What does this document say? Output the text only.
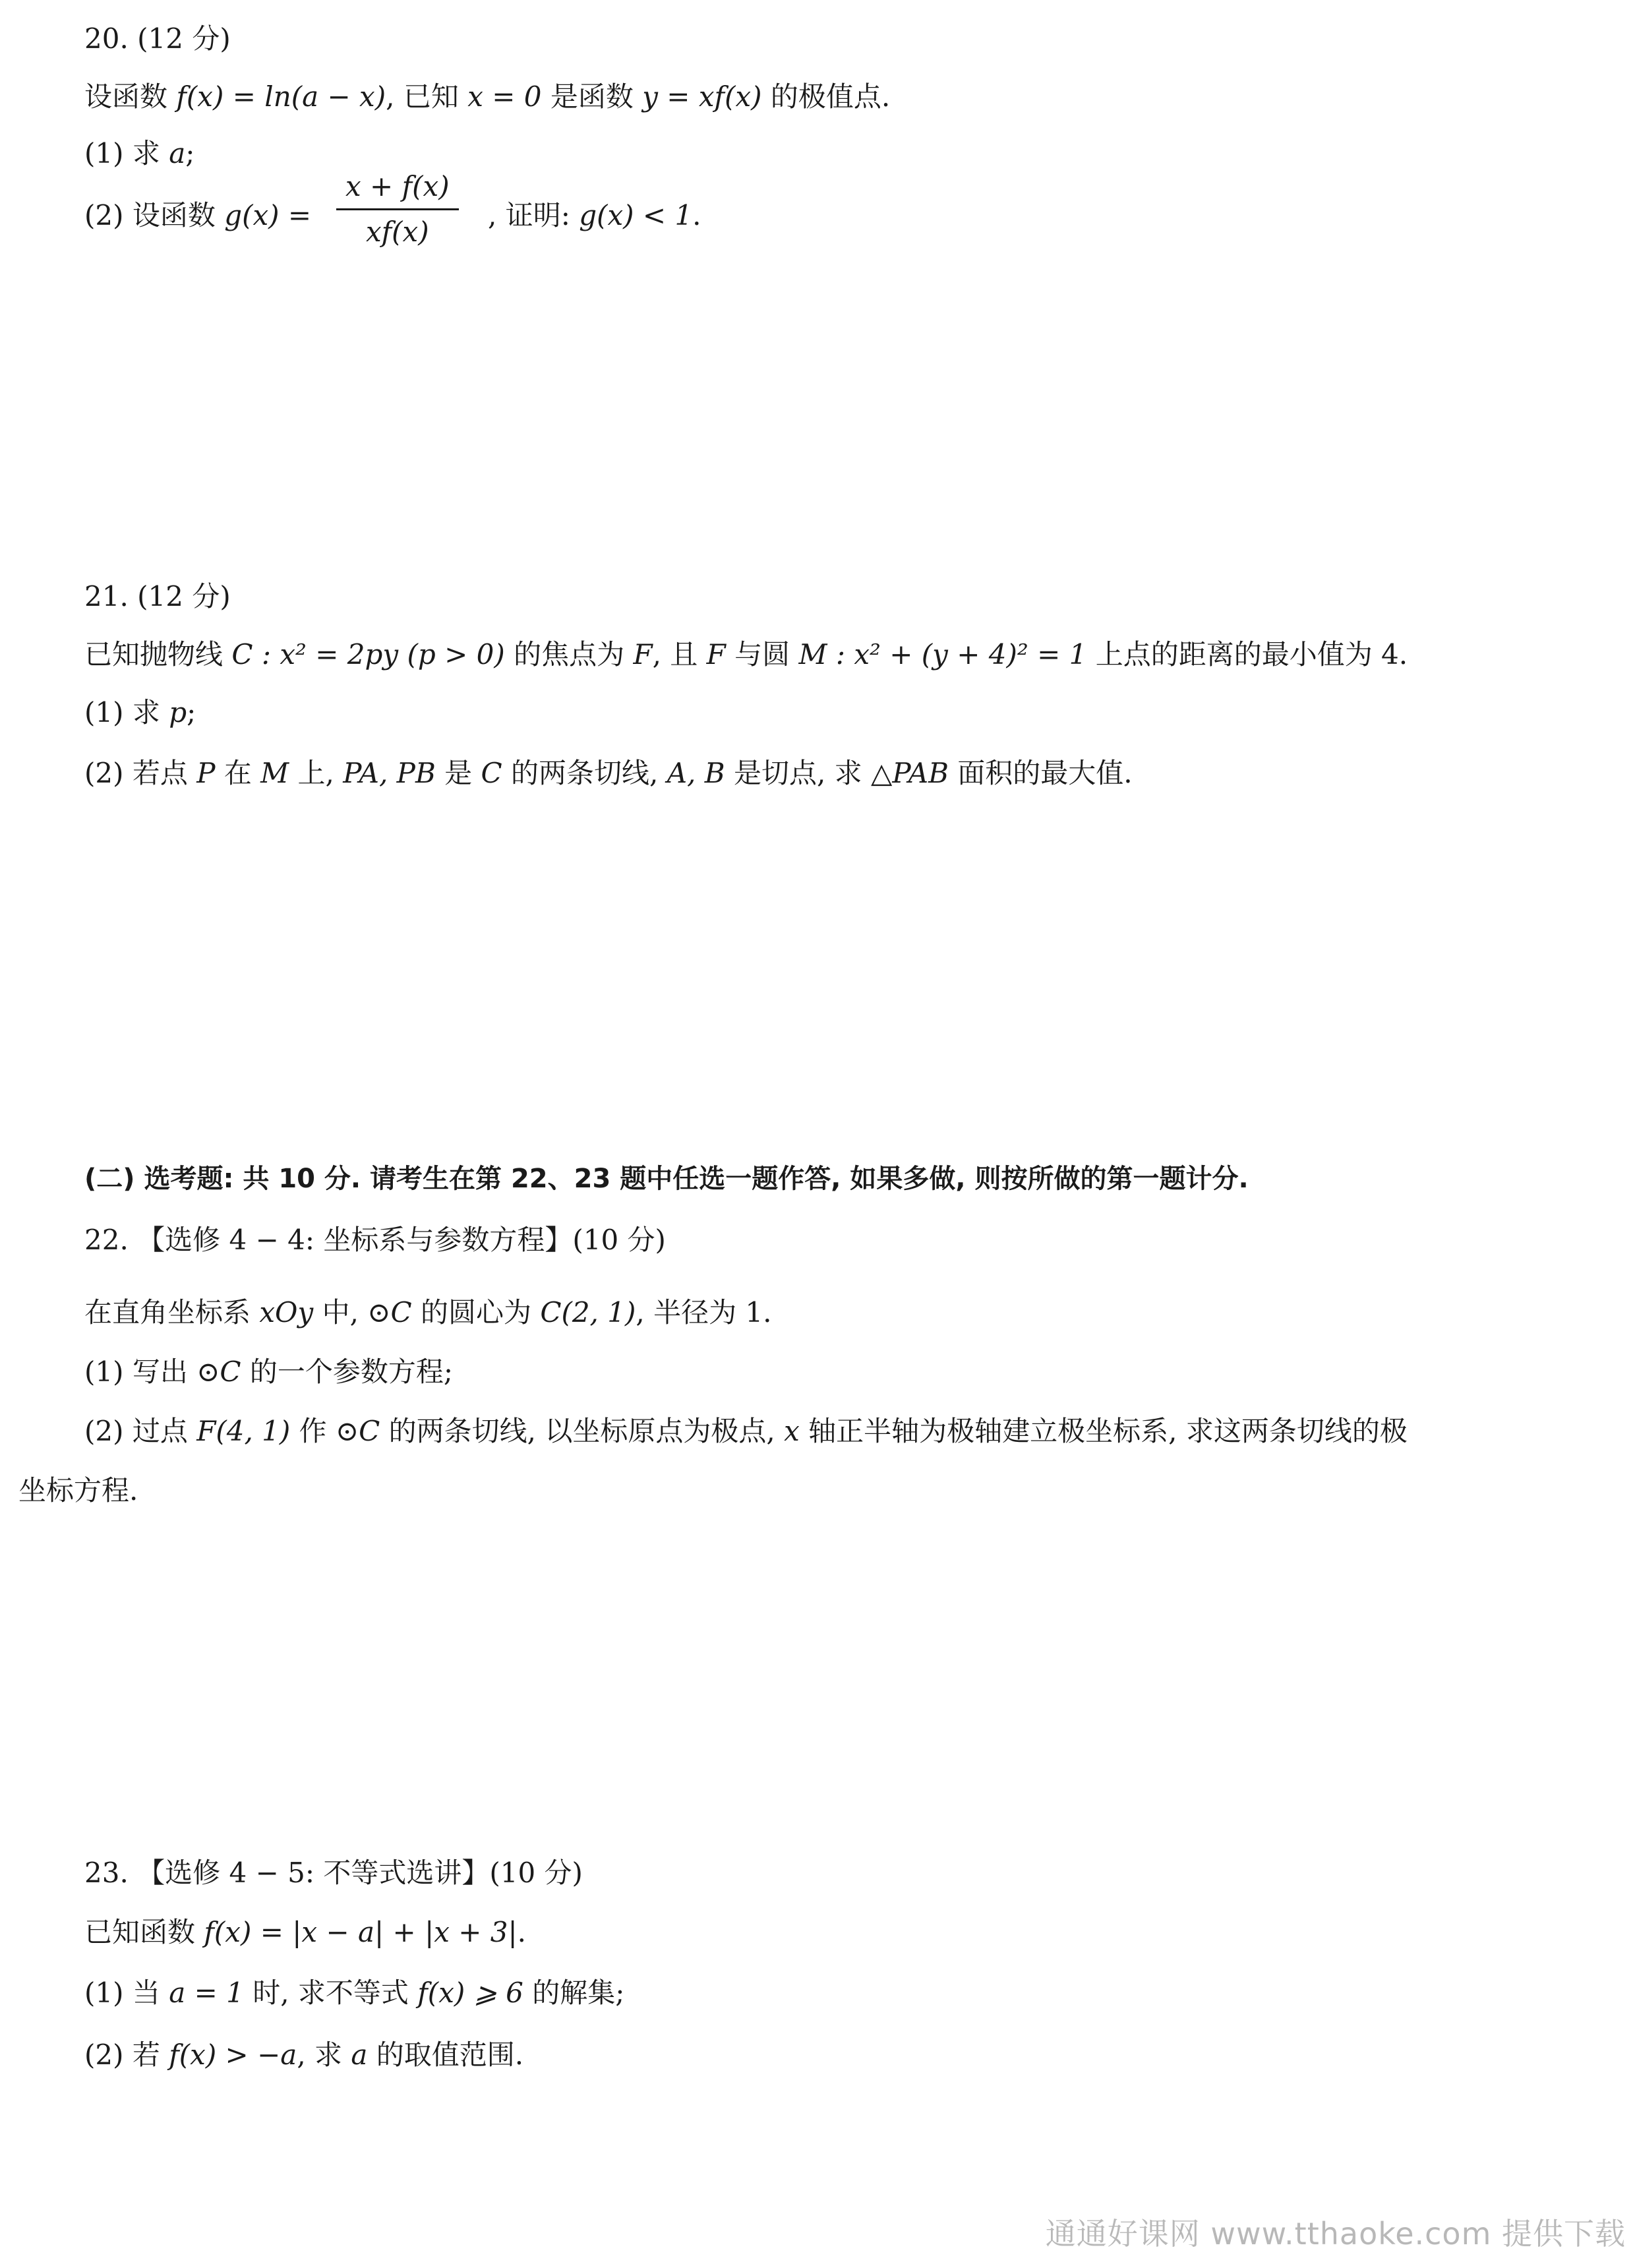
20. (12 分)
设函数 f(x) = ln(a − x), 已知 x = 0 是函数 y = xf(x) 的极值点.
(1) 求 a;
(2) 设函数 $g(x) = \frac{x + f(x)}{xf(x)}$ , 证明: g(x) < 1.
21. (12 分)
已知抛物线 C : x² = 2py (p > 0) 的焦点为 F, 且 F 与圆 M : x² + (y + 4)² = 1 上点的距离的最小值为 4.
(1) 求 p;
(2) 若点 P 在 M 上, PA, PB 是 C 的两条切线, A, B 是切点, 求 △PAB 面积的最大值.
(二) 选考题: 共 10 分. 请考生在第 22、23 题中任选一题作答, 如果多做, 则按所做的第一题计分.
22. 【选修 4 − 4: 坐标系与参数方程】(10 分)
在直角坐标系 xOy 中, ⊙C 的圆心为 C(2, 1), 半径为 1.
(1) 写出 ⊙C 的一个参数方程;
(2) 过点 F(4, 1) 作 ⊙C 的两条切线, 以坐标原点为极点, x 轴正半轴为极轴建立极坐标系, 求这两条切线的极
坐标方程.
23. 【选修 4 − 5: 不等式选讲】(10 分)
已知函数 f(x) = |x − a| + |x + 3|.
(1) 当 a = 1 时, 求不等式 f(x) ⩾ 6 的解集;
(2) 若 f(x) > −a, 求 a 的取值范围.
通通好课网 www.tthaoke.com 提供下载
